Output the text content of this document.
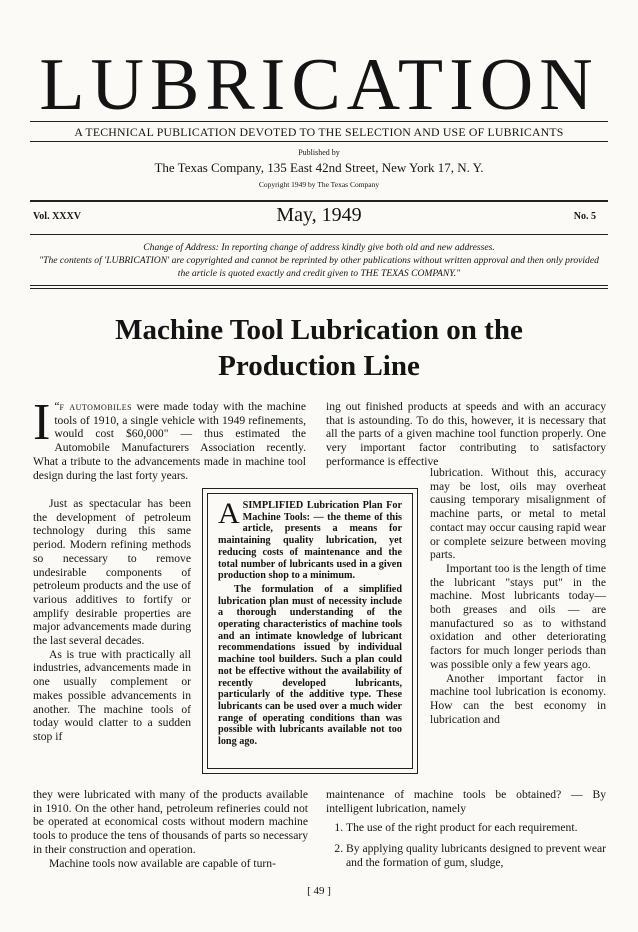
LUBRICATION
A TECHNICAL PUBLICATION DEVOTED TO THE SELECTION AND USE OF LUBRICANTS
Published by
The Texas Company, 135 East 42nd Street, New York 17, N. Y.
Copyright 1949 by The Texas Company
Vol. XXXV	May, 1949	No. 5
Change of Address: In reporting change of address kindly give both old and new addresses.
"The contents of 'LUBRICATION' are copyrighted and cannot be reprinted by other publications without written approval and then only provided the article is quoted exactly and credit given to THE TEXAS COMPANY."
Machine Tool Lubrication on the
Production Line

“
I f automobiles were made today with the machine tools of 1910, a single vehicle with 1949 refinements, would cost $60,000" — thus estimated the Automobile Manufacturers Association recently. What a tribute to the advancements made in machine tool design during the last forty years.

Just as spectacular has been the development of petroleum technology during this same period. Modern refining methods so necessary to remove undesirable components of petroleum products and the use of various additives to fortify or amplify desirable properties are major advancements made during the last several decades.

As is true with practically all industries, advancements made in one usually complement or makes possible advancements in another. The machine tools of today would clatter to a sudden stop if

ASIMPLIFIED Lubrication Plan For Machine Tools: — the theme of this article, presents a means for maintaining quality lubrication, yet reducing costs of maintenance and the total number of lubricants used in a given production shop to a minimum.

The formulation of a simplified lubrication plan must of necessity include a thorough understanding of the operating characteristics of machine tools and an intimate knowledge of lubricant recommendations issued by individual machine tool builders. Such a plan could not be effective without the availability of recently developed lubricants, particularly of the additive type. These lubricants can be used over a much wider range of operating conditions than was possible with lubricants available not too long ago.

ing out finished products at speeds and with an accuracy that is astounding. To do this, however, it is necessary that all the parts of a given machine tool function properly. One very important factor contributing to satisfactory performance is effective

lubrication. Without this, accuracy may be lost, oils may overheat causing temporary misalignment of machine parts, or metal to metal contact may occur causing rapid wear or complete seizure between moving parts.

Important too is the length of time the lubricant "stays put" in the machine. Most lubricants today—both greases and oils — are manufactured so as to withstand oxidation and other deteriorating factors for much longer periods than was possible only a few years ago.

Another important factor in machine tool lubrication is economy. How can the best economy in lubrication and

they were lubricated with many of the products available in 1910. On the other hand, petroleum refineries could not be operated at economical costs without modern machine tools to produce the tens of thousands of parts so necessary in their construction and operation.

Machine tools now available are capable of turn-

maintenance of machine tools be obtained? — By intelligent lubrication, namely

1. The use of the right product for each requirement.
2. By applying quality lubricants designed to prevent wear and the formation of gum, sludge,
[ 49 ]
